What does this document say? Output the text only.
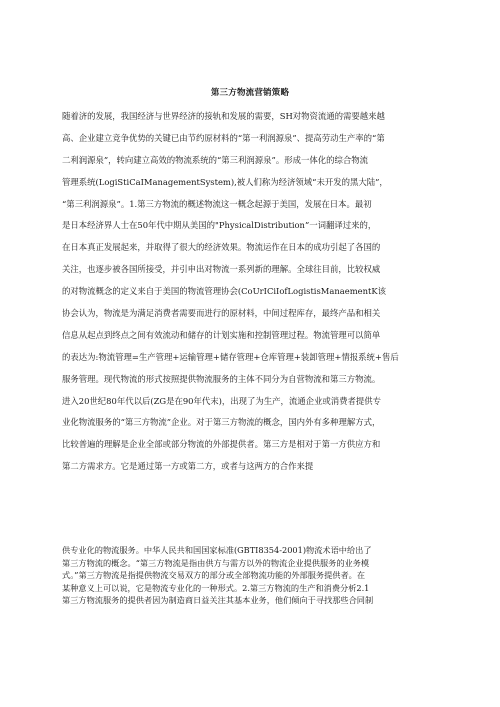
第三方物流营销策略
随着济的发展，我国经济与世界经济的接轨和发展的需要，SH对物资流通的需要越来越
高、企业建立竞争优势的关键已由节约原材料的“第一利润源泉”、提高劳动生产率的“第
二利润源泉”，转向建立高效的物流系统的“第三利润源泉”。形成一体化的综合物流
管理系统(LogiStiCaIManagementSystem),被人们称为经济领域“未开发的黑大陆”，
“第三利润源泉”。1.第三方物流的概述物流这一概念起源于美国，发展在日本。最初
是日本经济界人士在50年代中期从美国的"PhysicalDistribution”一词翻译过来的，
在日本真正发展起来，并取得了很大的经济效果。物流运作在日本的成功引起了各国的
关注，也逐步被各国所接受，并引申出对物流一系列新的理解。全球往目前，比较权威
的对物流概念的定义来自于美国的物流管理协会(CoUrICiIofLogistisManaementK该
协会认为，物流是为满足消费者需要而进行的原材料，中间过程库存，最终产品和相关
信息从起点到终点之间有效流动和储存的计划实施和控制管理过程。物流管理可以简单
的表达为:物流管理=生产管理+运输管理+储存管理+仓库管理+装卸管理+情报系统+售后
服务管理。现代物流的形式按照提供物流服务的主体不同分为自营物流和第三方物流。
进入20世纪80年代以后(ZG是在90年代末)，出现了为生产，流通企业或消费者提供专
业化物流服务的“第三方物流”企业。对于第三方物流的概念，国内外有多种理解方式，
比较普遍的理解是企业全部或部分物流的外部提供者。第三方是相对于第一方供应方和
第二方需求方。它是通过第一方或第二方，或者与这两方的合作来提
供专业化的物流服务。中华人民共和国国家标准(GBTI8354-2001)物流术语中给出了
第三方物流的概念。“第三方物流是指由供方与需方以外的物流企业提供服务的业务模
式。”第三方物流是指提供物流交易双方的部分或全部物流功能的外部服务提供者。在
某种意义上可以说，它是物流专业化的一种形式。2.第三方物流的生产和消费分析2.1
第三方物流服务的提供者因为制造商日益关注其基本业务，他们倾向于寻找那些合同制
